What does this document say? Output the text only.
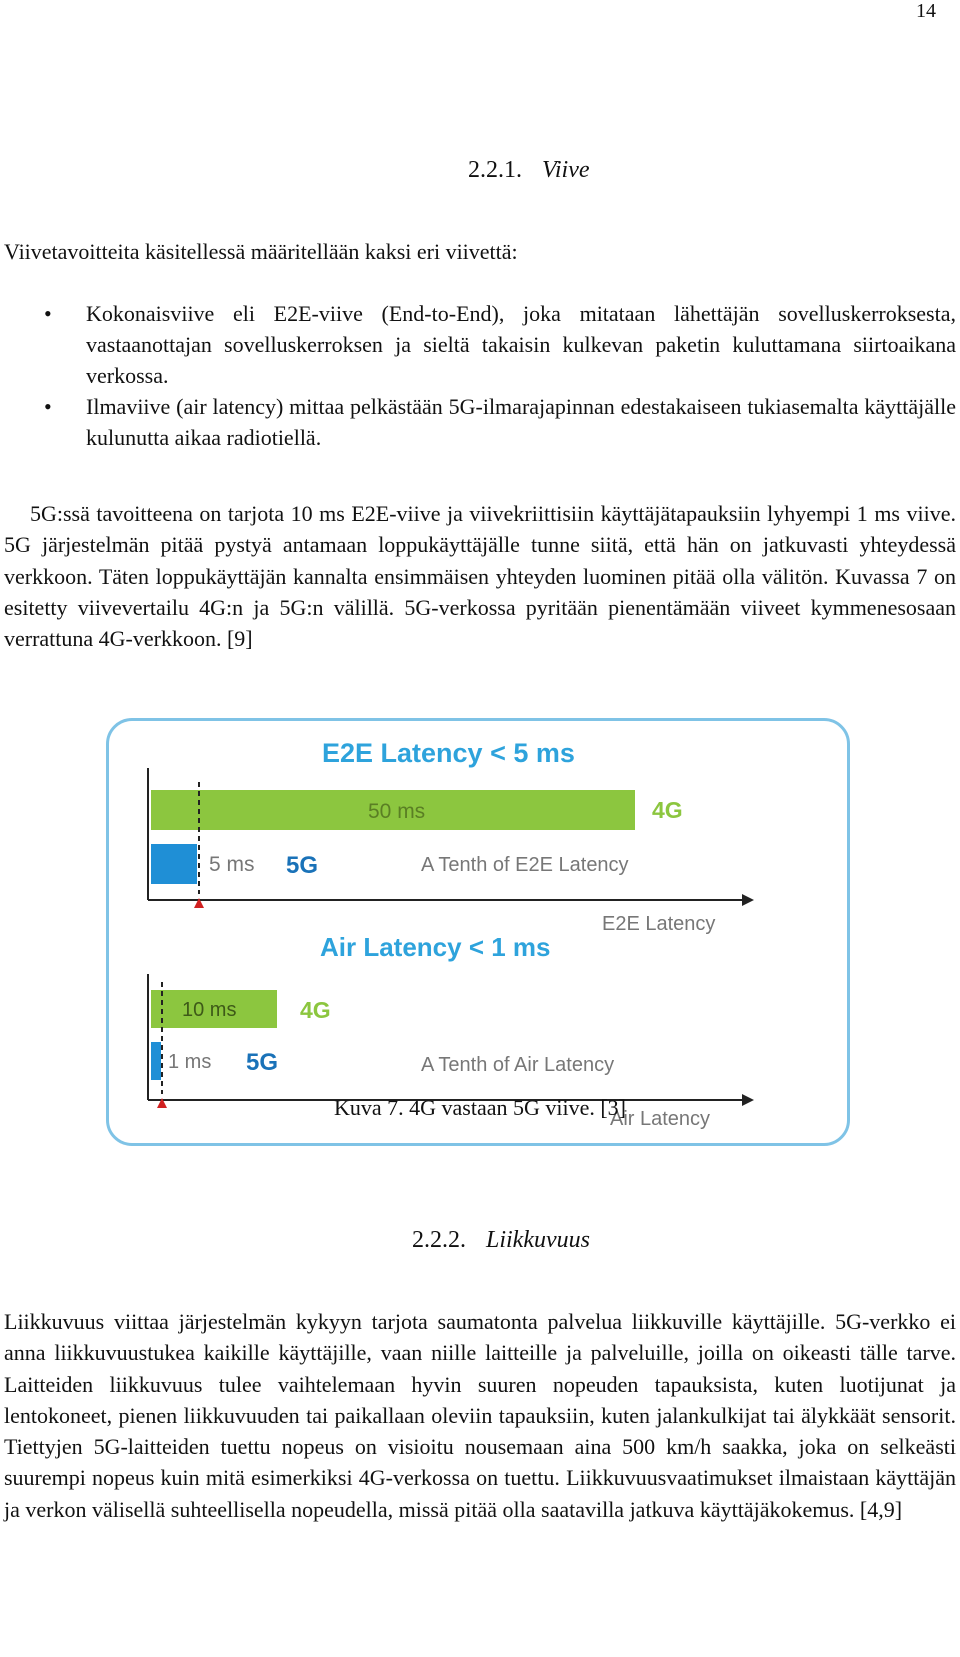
14
2.2.1. Viive
Viivetavoitteita käsitellessä määritellään kaksi eri viivettä:
• Kokonaisviive eli E2E-viive (End-to-End), joka mitataan lähettäjän sovelluskerroksesta, vastaanottajan sovelluskerroksen ja sieltä takaisin kulkevan paketin kuluttamana siirtoaikana verkossa.
• Ilmaviive (air latency) mittaa pelkästään 5G-ilmarajapinnan edestakaiseen tukiasemalta käyttäjälle kulunutta aikaa radiotiellä.
5G:ssä tavoitteena on tarjota 10 ms E2E-viive ja viivekriittisiin käyttäjätapauksiin lyhyempi 1 ms viive. 5G järjestelmän pitää pystyä antamaan loppukäyttäjälle tunne siitä, että hän on jatkuvasti yhteydessä verkkoon. Täten loppukäyttäjän kannalta ensimmäisen yhteyden luominen pitää olla välitön. Kuvassa 7 on esitetty viivevertailu 4G:n ja 5G:n välillä. 5G-verkossa pyritään pienentämään viiveet kymmenesosaan verrattuna 4G-verkkoon. [9]
E2E Latency < 5 ms
50 ms	4G
5 ms 5G	A Tenth of E2E Latency
E2E Latency
Air Latency < 1 ms
10 ms	4G
1 ms 5G	A Tenth of Air Latency
Air Latency
Kuva 7. 4G vastaan 5G viive. [3]
2.2.2. Liikkuvuus
Liikkuvuus viittaa järjestelmän kykyyn tarjota saumatonta palvelua liikkuville käyttäjille. 5G-verkko ei anna liikkuvuustukea kaikille käyttäjille, vaan niille laitteille ja palveluille, joilla on oikeasti tälle tarve. Laitteiden liikkuvuus tulee vaihtelemaan hyvin suuren nopeuden tapauksista, kuten luotijunat ja lentokoneet, pienen liikkuvuuden tai paikallaan oleviin tapauksiin, kuten jalankulkijat tai älykkäät sensorit. Tiettyjen 5G-laitteiden tuettu nopeus on visioitu nousemaan aina 500 km/h saakka, joka on selkeästi suurempi nopeus kuin mitä esimerkiksi 4G-verkossa on tuettu. Liikkuvuusvaatimukset ilmaistaan käyttäjän ja verkon välisellä suhteellisella nopeudella, missä pitää olla saatavilla jatkuva käyttäjäkokemus. [4,9]
